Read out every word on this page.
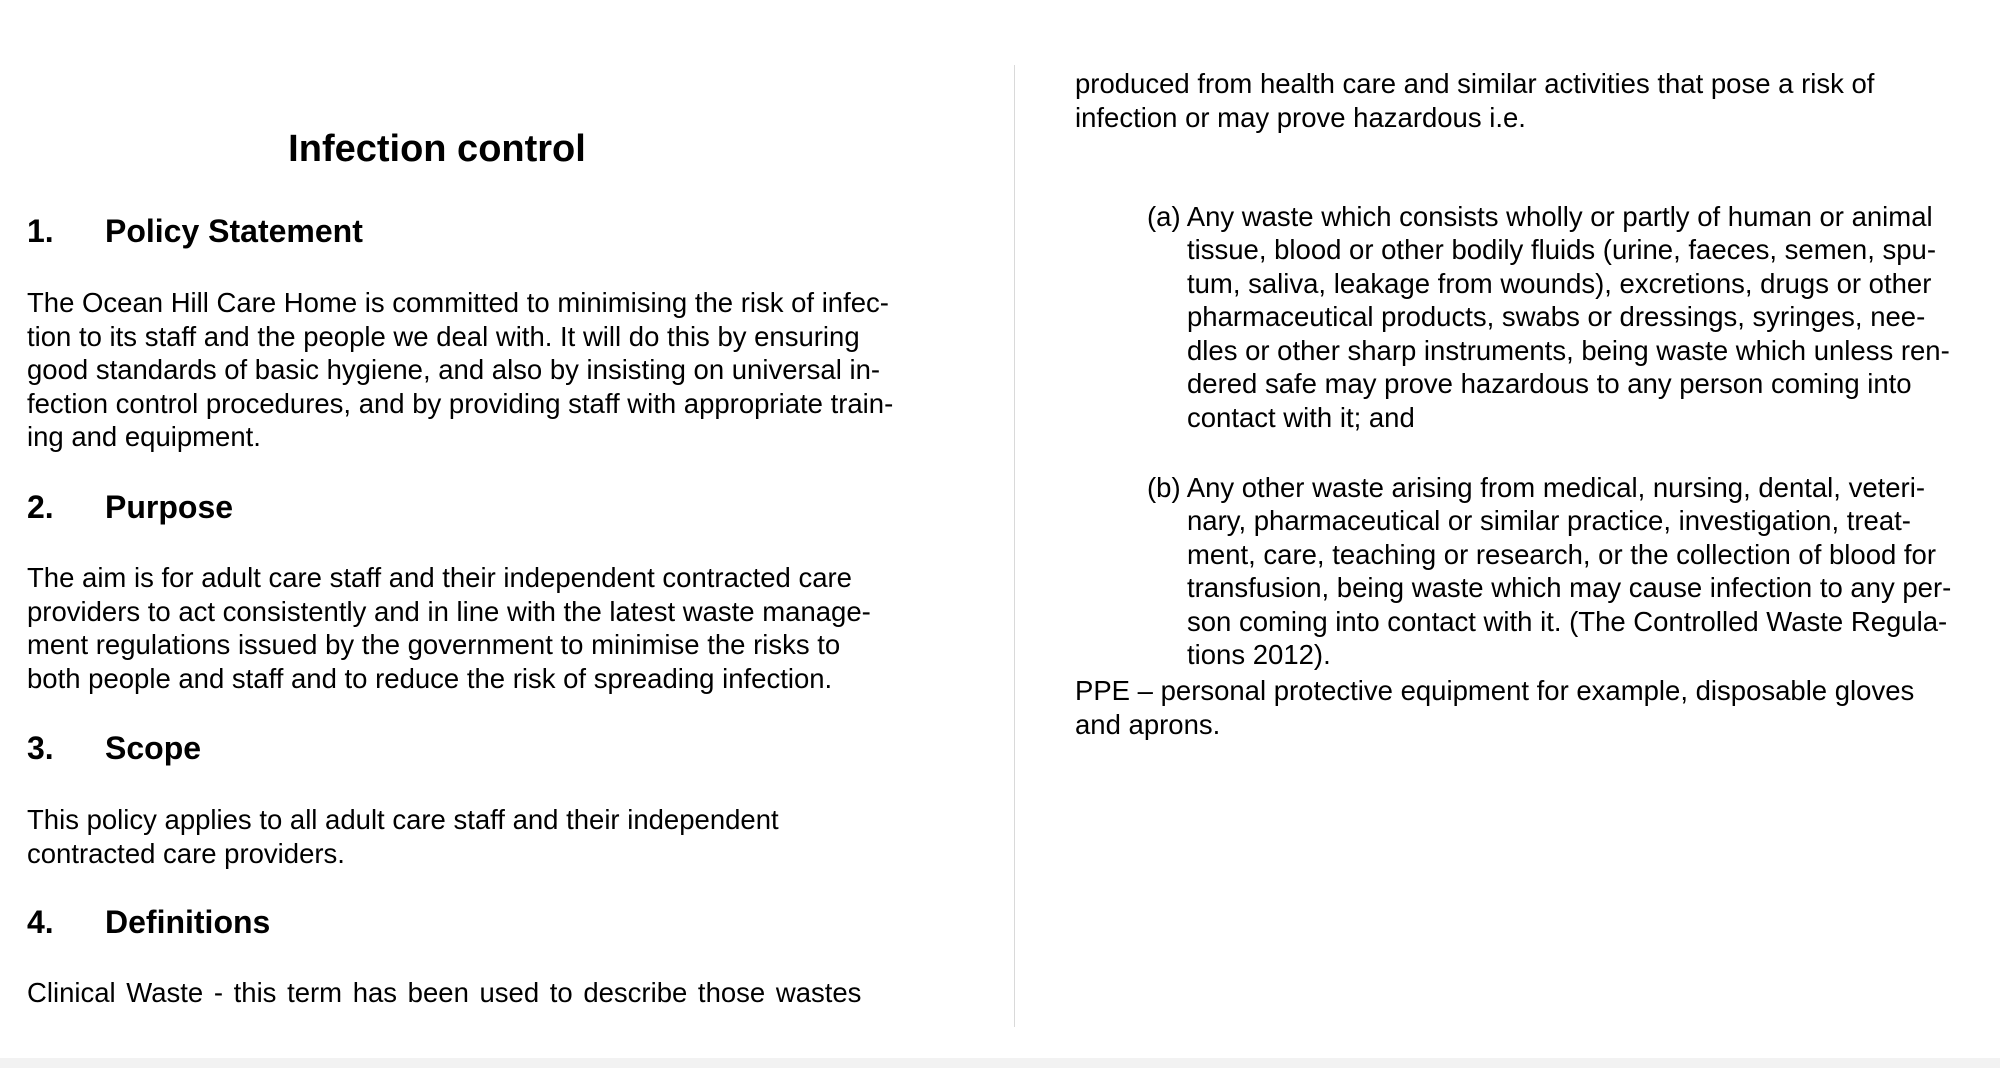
Infection control
1. Policy Statement
The Ocean Hill Care Home is committed to minimising the risk of infec-
tion to its staff and the people we deal with. It will do this by ensuring
good standards of basic hygiene, and also by insisting on universal in-
fection control procedures, and by providing staff with appropriate train-
ing and equipment.
2. Purpose
The aim is for adult care staff and their independent contracted care
providers to act consistently and in line with the latest waste manage-
ment regulations issued by the government to minimise the risks to
both people and staff and to reduce the risk of spreading infection.
3. Scope
This policy applies to all adult care staff and their independent
contracted care providers.
4. Definitions
Clinical Waste - this term has been used to describe those wastes
produced from health care and similar activities that pose a risk of
infection or may prove hazardous i.e.

(a) Any waste which consists wholly or partly of human or animal
tissue, blood or other bodily fluids (urine, faeces, semen, spu-
tum, saliva, leakage from wounds), excretions, drugs or other
pharmaceutical products, swabs or dressings, syringes, nee-
dles or other sharp instruments, being waste which unless ren-
dered safe may prove hazardous to any person coming into
contact with it; and

(b) Any other waste arising from medical, nursing, dental, veteri-
nary, pharmaceutical or similar practice, investigation, treat-
ment, care, teaching or research, or the collection of blood for
transfusion, being waste which may cause infection to any per-
son coming into contact with it. (The Controlled Waste Regula-
tions 2012).

PPE – personal protective equipment for example, disposable gloves
and aprons.
